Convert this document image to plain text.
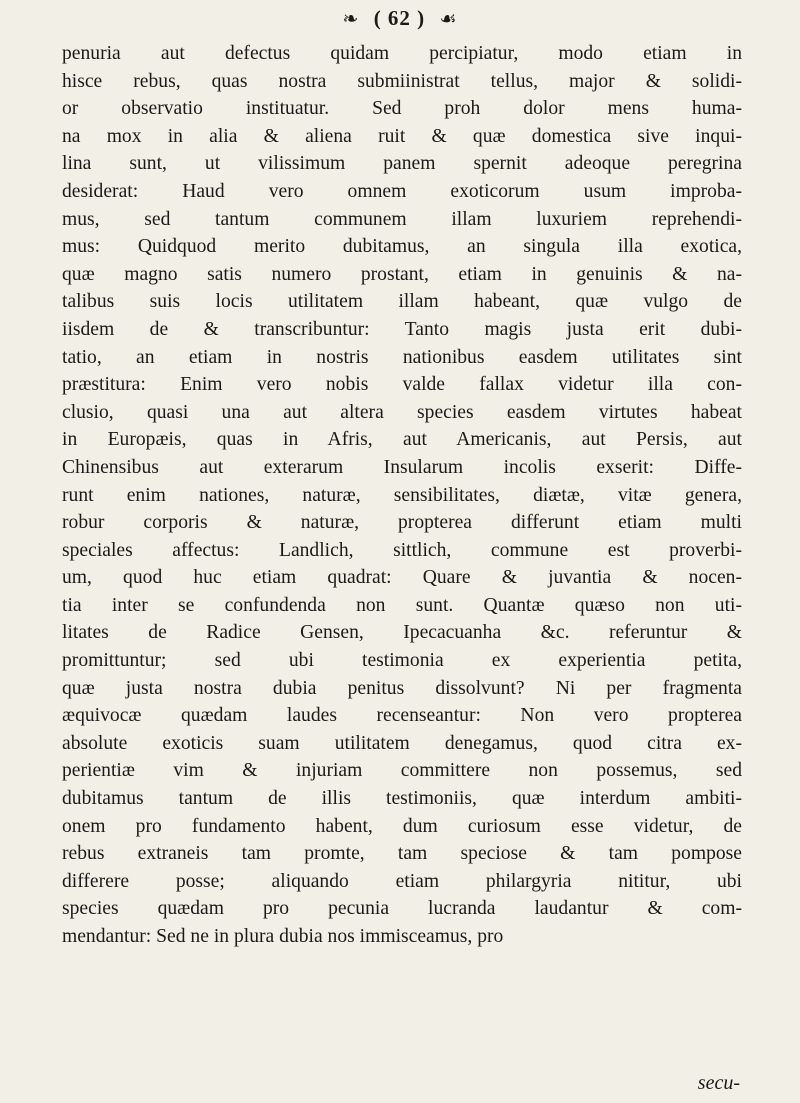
❧ ( 62 ) ☙
penuria aut defectus quidam percipiatur, modo etiam in
hisce rebus, quas nostra submiinistrat tellus, major & solidi-
or observatio instituatur. Sed proh dolor mens huma-
na mox in alia & aliena ruit & quæ domestica sive inqui-
lina sunt, ut vilissimum panem spernit adeoque peregrina
desiderat: Haud vero omnem exoticorum usum improba-
mus, sed tantum communem illam luxuriem reprehendi-
mus: Quidquod merito dubitamus, an singula illa exotica,
quæ magno satis numero prostant, etiam in genuinis & na-
talibus suis locis utilitatem illam habeant, quæ vulgo de
iisdem de & transcribuntur: Tanto magis justa erit dubi-
tatio, an etiam in nostris nationibus easdem utilitates sint
præstitura: Enim vero nobis valde fallax videtur illa con-
clusio, quasi una aut altera species easdem virtutes habeat
in Europæis, quas in Afris, aut Americanis, aut Persis, aut
Chinensibus aut exterarum Insularum incolis exserit: Diffe-
runt enim nationes, naturæ, sensibilitates, diætæ, vitæ genera,
robur corporis & naturæ, propterea differunt etiam multi
speciales affectus: Landlich, sittlich, commune est proverbi-
um, quod huc etiam quadrat: Quare & juvantia & nocen-
tia inter se confundenda non sunt. Quantæ quæso non uti-
litates de Radice Gensen, Ipecacuanha &c. referuntur &
promittuntur; sed ubi testimonia ex experientia petita,
quæ justa nostra dubia penitus dissolvunt? Ni per fragmenta
æquivocæ quædam laudes recenseantur: Non vero propterea
absolute exoticis suam utilitatem denegamus, quod citra ex-
perientiæ vim & injuriam committere non possemus, sed
dubitamus tantum de illis testimoniis, quæ interdum ambiti-
onem pro fundamento habent, dum curiosum esse videtur, de
rebus extraneis tam promte, tam speciose & tam pompose
differere posse; aliquando etiam philargyria nititur, ubi
species quædam pro pecunia lucranda laudantur & com-
mendantur: Sed ne in plura dubia nos immisceamus, pro
secu-
